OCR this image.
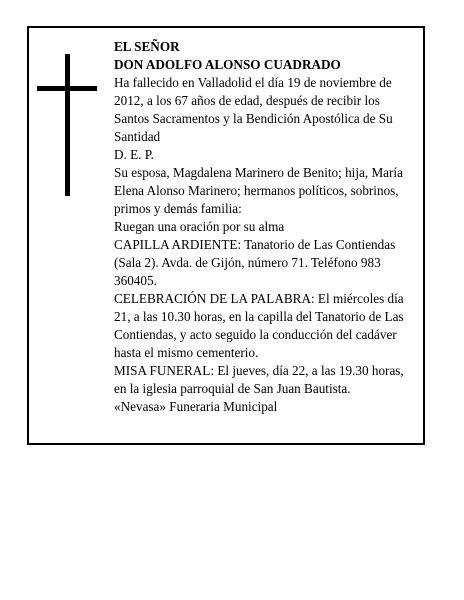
EL SEÑOR

DON ADOLFO ALONSO CUADRADO

Ha fallecido en Valladolid el día 19 de noviembre de 2012, a los 67 años de edad, después de recibir los Santos Sacramentos y la Bendición Apostólica de Su Santidad

D. E. P.

Su esposa, Magdalena Marinero de Benito; hija, María Elena Alonso Marinero; hermanos políticos, sobrinos, primos y demás familia:

Ruegan una oración por su alma

CAPILLA ARDIENTE: Tanatorio de Las Contiendas (Sala 2). Avda. de Gijón, número 71. Teléfono 983 360405.

CELEBRACIÓN DE LA PALABRA: El miércoles día 21, a las 10.30 horas, en la capilla del Tanatorio de Las Contiendas, y acto seguido la conducción del cadáver hasta el mismo cementerio.

MISA FUNERAL: El jueves, día 22, a las 19.30 horas, en la iglesia parroquial de San Juan Bautista.

«Nevasa» Funeraria Municipal
